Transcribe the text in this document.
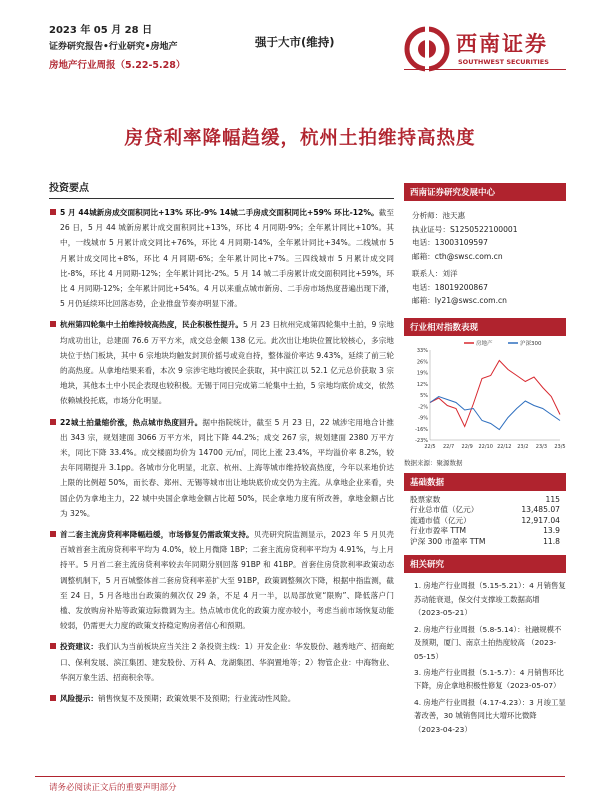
2023 年 05 月 28 日
证券研究报告•行业研究•房地产
房地产行业周报（5.22-5.28）
强于大市(维持)	西南证券
SOUTHWEST SECURITIES
房贷利率降幅趋缓，杭州土拍维持高热度
投资要点

5 月 44城新房成交面积同比+13% 环比-9% 14城二手房成交面积同比+59% 环比-12%。截至 26 日，5 月 44 城新房累计成交面积同比+13%，环比 4 月同期-9%；全年累计同比+10%。其中，一线城市 5 月累计成交同比+76%，环比 4 月同期-14%，全年累计同比+34%。二线城市 5 月累计成交同比+8%，环比 4 月同期-6%；全年累计同比+7%。三四线城市 5 月累计成交同比-8%，环比 4 月同期-12%；全年累计同比-2%。5 月 14 城二手房累计成交面积同比+59%，环比 4 月同期-12%；全年累计同比+54%。4 月以来重点城市新房、二手房市场热度普遍出现下滑，5 月仍延续环比回落态势，企业推盘节奏亦明显下滑。

杭州第四轮集中土拍维持较高热度，民企积极性提升。5 月 23 日杭州完成第四轮集中土拍，9 宗地均成功出让，总建面 76.6 万平方米，成交总金额 138 亿元。此次出让地块位置比较核心，多宗地块位于热门板块，其中 6 宗地块均触发封顶价摇号或竞自持，整体溢价率达 9.43%，延续了前三轮的高热度。从拿地结果来看，本次 9 宗涉宅地均被民企获取，其中滨江以 52.1 亿元总价获取 3 宗地块，其他本土中小民企表现也较积极。无锡于同日完成第二轮集中土拍，5 宗地均底价成交，依然依赖城投托底，市场分化明显。

22城土拍量缩价涨，热点城市热度回升。据中指院统计，截至 5 月 23 日，22 城涉宅用地合计推出 343 宗，规划建面 3066 万平方米，同比下降 44.2%；成交 267 宗，规划建面 2380 万平方米，同比下降 33.4%。成交楼面均价为 14700 元/㎡，同比上涨 23.4%，平均溢价率 8.2%，较去年同期提升 3.1pp。各城市分化明显，北京、杭州、上海等城市维持较高热度，今年以来地价达上限的比例超 50%，而长春、郑州、无锡等城市出让地块底价成交仍为主流。从拿地企业来看，央国企仍为拿地主力，22 城中央国企拿地金额占比超 50%，民企拿地力度有所改善，拿地金额占比为 32%。

首二套主流房贷利率降幅趋缓，市场修复仍需政策支持。贝壳研究院监测显示，2023 年 5 月贝壳百城首套主流房贷利率平均为 4.0%，较上月微降 1BP；二套主流房贷利率平均为 4.91%，与上月持平。5 月首二套主流房贷利率较去年同期分别回落 91BP 和 41BP。首套住房贷款利率政策动态调整机制下，5 月百城整体首二套房贷利率差扩大至 91BP，政策调整频次下降，根据中指监测，截至 24 日，5 月各地出台政策的频次仅 29 条，不足 4 月一半，以局部放宽“限购”、降低落户门槛、发放购房补贴等政策边际微调为主。热点城市优化的政策力度亦较小，考虑当前市场恢复动能较弱，仍需更大力度的政策支持稳定购房者信心和预期。

投资建议：我们认为当前板块应当关注 2 条投资主线：1）开发企业：华发股份、越秀地产、招商蛇口、保利发展、滨江集团、建发股份、万科 A、龙湖集团、华润置地等；2）物管企业：中海物业、华润万象生活、招商积余等。

风险提示：销售恢复不及预期；政策效果不及预期；行业流动性风险。

西南证券研究发展中心
分析师：池天惠
执业证号：S1250522100001
电话：13003109597
邮箱：cth@swsc.com.cn
联系人：刘洋
电话：18019200867
邮箱：ly21@swsc.com.cn
行业相对指数表现
房地产	沪深300
33%
26%
19%
12%
5%
-2%
-9%
-16%
-23%
22/5 22/7 22/9 22/10 22/12 23/2 23/3 23/5
数据来源：聚源数据
基础数据
股票家数	115
行业总市值（亿元）	13,485.07
流通市值（亿元）	12,917.04
行业市盈率 TTM	13.9
沪深 300 市盈率 TTM	11.8
相关研究
1. 房地产行业周报（5.15-5.21）：4 月销售复苏动能衰退，保交付支撑竣工数据高增 （2023-05-21）
2. 房地产行业周报（5.8-5.14）：社融规模不及预期，厦门、南京土拍热度较高 （2023-05-15）
3. 房地产行业周报（5.1-5.7）：4 月销售环比下降，房企拿地积极性修复（2023-05-07）
4. 房地产行业周报（4.17-4.23）：3 月竣工显著改善，30 城销售同比大增环比微降 （2023-04-23）
请务必阅读正文后的重要声明部分
